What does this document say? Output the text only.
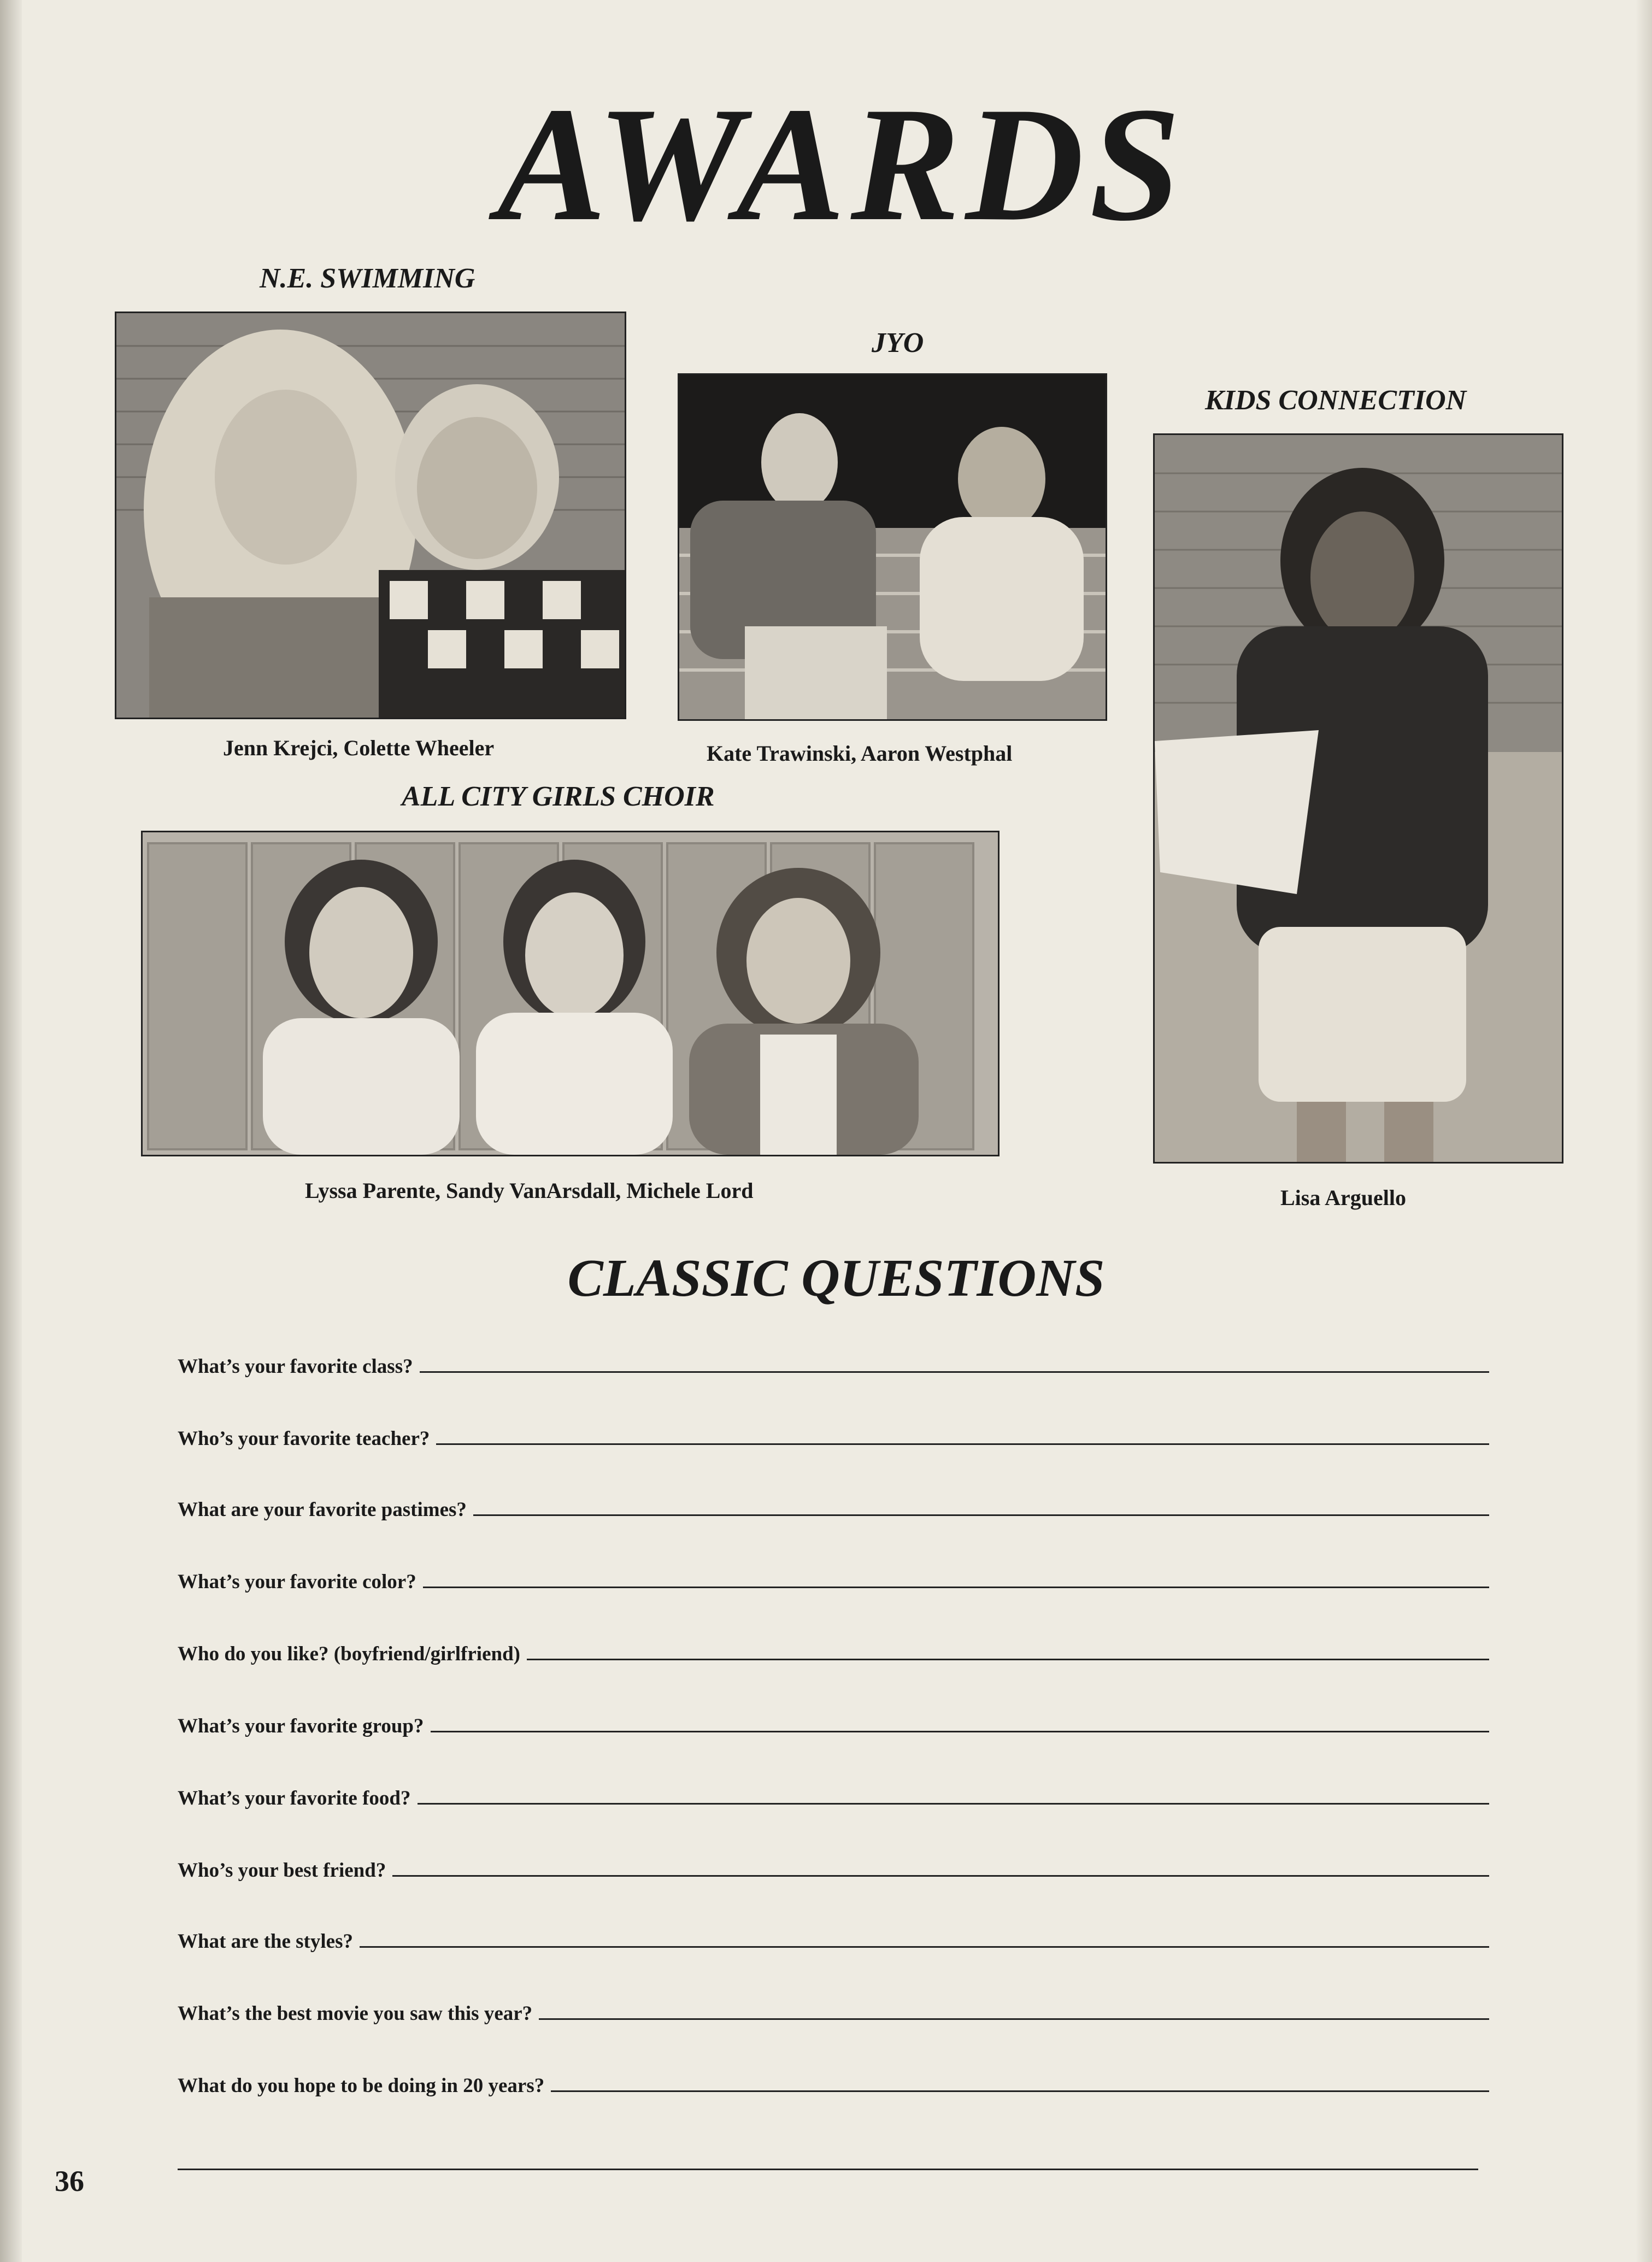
AWARDS
N.E. SWIMMING
Jenn Krejci, Colette Wheeler
JYO
Kate Trawinski, Aaron Westphal
KIDS CONNECTION
Lisa Arguello
ALL CITY GIRLS CHOIR
Lyssa Parente, Sandy VanArsdall, Michele Lord
CLASSIC QUESTIONS
What’s your favorite class?
Who’s your favorite teacher?
What are your favorite pastimes?
What’s your favorite color?
Who do you like? (boyfriend/girlfriend)
What’s your favorite group?
What’s your favorite food?
Who’s your best friend?
What are the styles?
What’s the best movie you saw this year?
What do you hope to be doing in 20 years?
36
